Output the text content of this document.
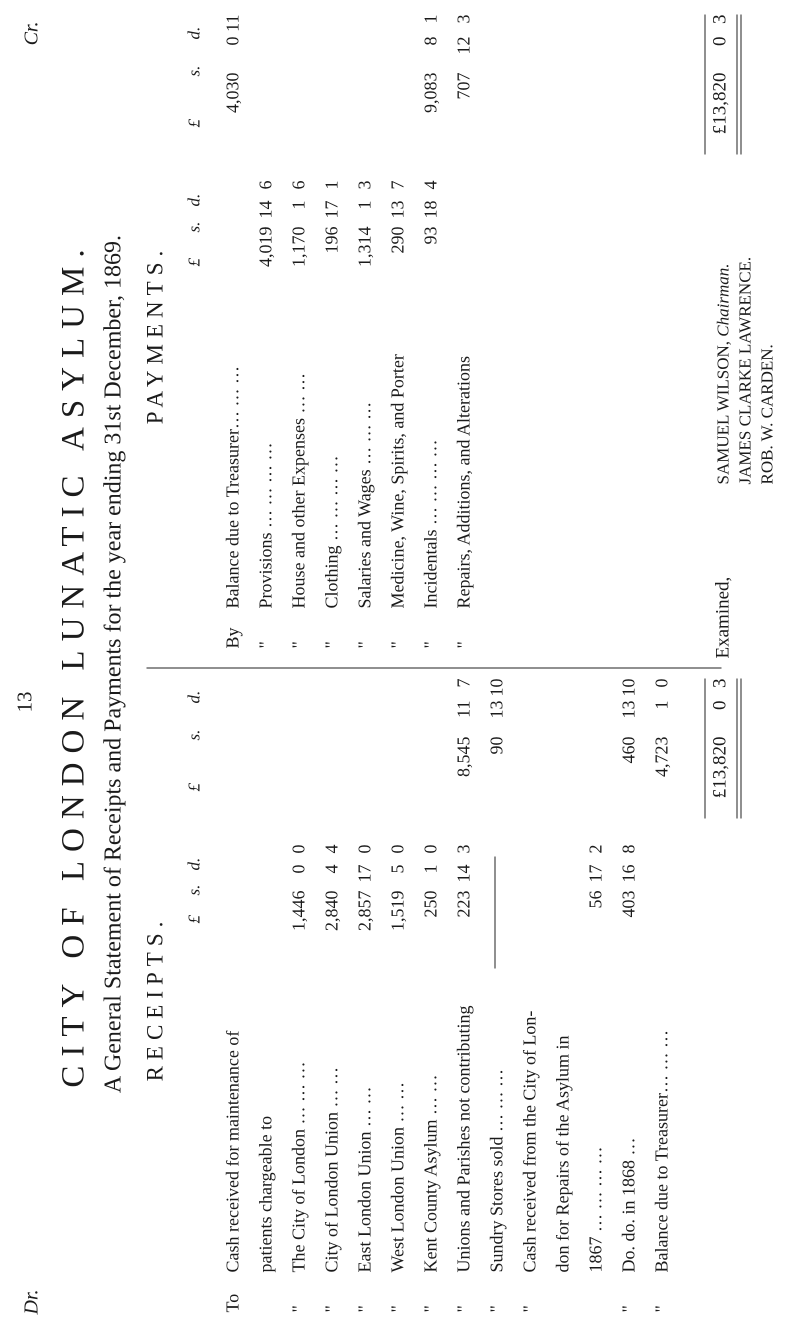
13
Dr.
Cr.
CITY OF LONDON LUNATIC ASYLUM. A General Statement of Receipts and Payments for the year ending 31st December, 1869. RECEIPTS. £
s.
d.
£
s.
d.
To
Cash received for maintenance of patients chargeable to
"
The City of London … … …
1,446
0
0
"
City of London Union … …
2,840
4
4
"
East London Union … …
2,857
17
0
"
West London Union … …
1,519
5
0
"
Kent County Asylum … …
250
1
0
"
Unions and Parishes not contributing
223
14
3
8,545
11
7
"
Sundry Stores sold … … …
90
13
10
"
Cash received from the City of Lon- don for Repairs of the Asylum in 1867 … … … …
56
17
2
"
Do. do. in 1868 …
403
16
8
460
13
10
"
Balance due to Treasurer… … …
4,723
1
0
£13,820
0
3
PAYMENTS. £
s.
d.
£
s.
d.
By
Balance due to Treasurer… … …
4,030
0
11
"
Provisions … … … …
4,019
14
6
"
House and other Expenses … …
1,170
1
6
"
Clothing … … … …
196
17
1
"
Salaries and Wages … … …
1,314
1
3
"
Medicine, Wine, Spirits, and Porter
290
13
7
"
Incidentals … … … …
93
18
4
9,083
8
1
"
Repairs, Additions, and Alterations
707
12
3
£13,820
0
3
Examined,
SAMUEL WILSON, Chairman. JAMES CLARKE LAWRENCE. ROB. W. CARDEN.
